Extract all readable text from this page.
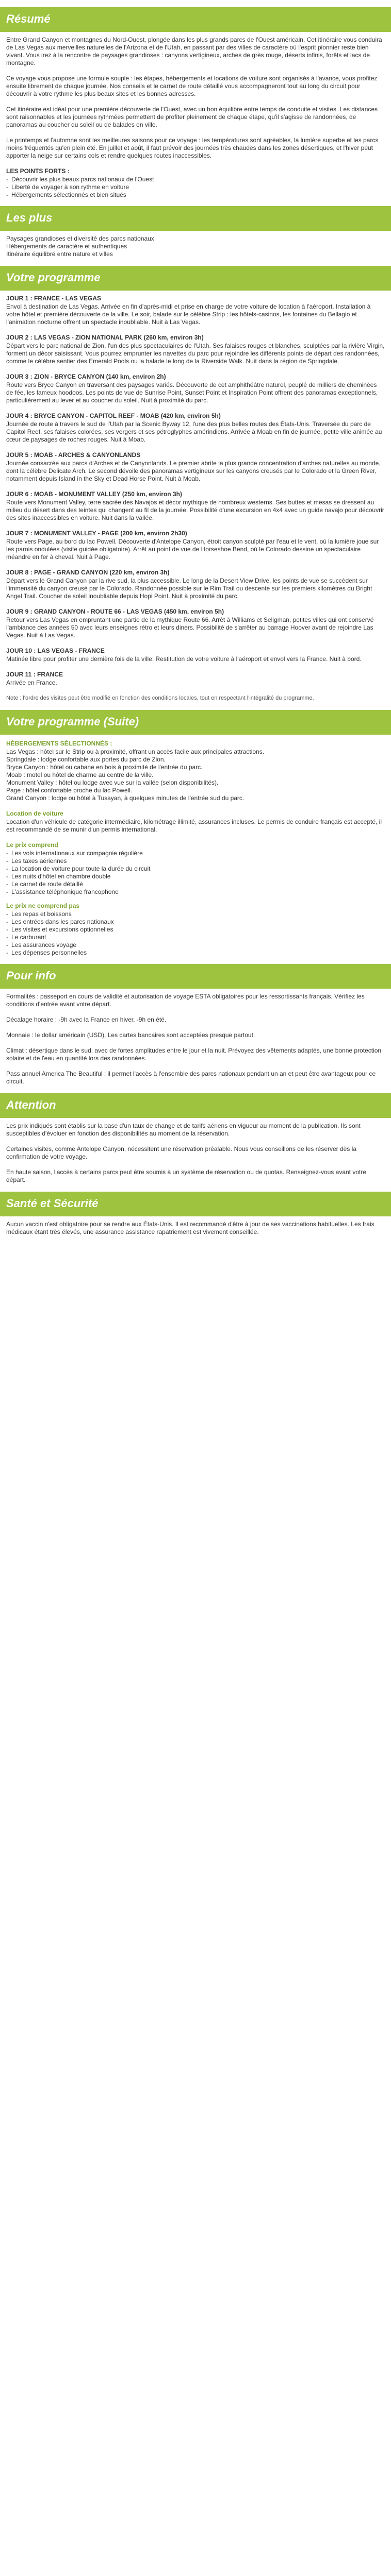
Résumé

Entre Grand Canyon et montagnes du Nord-Ouest, plongée dans les plus grands parcs de l'Ouest américain. Cet itinéraire vous conduira de Las Vegas aux merveilles naturelles de l'Arizona et de l'Utah, en passant par des villes de caractère où l'esprit pionnier reste bien vivant. Vous irez à la rencontre de paysages grandioses : canyons vertigineux, arches de grès rouge, déserts infinis, forêts et lacs de montagne.

Ce voyage vous propose une formule souple : les étapes, hébergements et locations de voiture sont organisés à l'avance, vous profitez ensuite librement de chaque journée. Nos conseils et le carnet de route détaillé vous accompagneront tout au long du circuit pour découvrir à votre rythme les plus beaux sites et les bonnes adresses.

Cet itinéraire est idéal pour une première découverte de l'Ouest, avec un bon équilibre entre temps de conduite et visites. Les distances sont raisonnables et les journées rythmées permettent de profiter pleinement de chaque étape, qu'il s'agisse de randonnées, de panoramas au coucher du soleil ou de balades en ville.

Le printemps et l'automne sont les meilleures saisons pour ce voyage : les températures sont agréables, la lumière superbe et les parcs moins fréquentés qu'en plein été. En juillet et août, il faut prévoir des journées très chaudes dans les zones désertiques, et l'hiver peut apporter la neige sur certains cols et rendre quelques routes inaccessibles.

LES POINTS FORTS :
- Découvrir les plus beaux parcs nationaux de l'Ouest
- Liberté de voyager à son rythme en voiture
- Hébergements sélectionnés et bien situés
Les plus

Paysages grandioses et diversité des parcs nationaux

Hébergements de caractère et authentiques

Itinéraire équilibré entre nature et villes

Votre programme
JOUR 1 : FRANCE - LAS VEGAS

Envol à destination de Las Vegas. Arrivée en fin d'après-midi et prise en charge de votre voiture de location à l'aéroport. Installation à votre hôtel et première découverte de la ville. Le soir, balade sur le célèbre Strip : les hôtels-casinos, les fontaines du Bellagio et l'animation nocturne offrent un spectacle inoubliable. Nuit à Las Vegas.

JOUR 2 : LAS VEGAS - ZION NATIONAL PARK (260 km, environ 3h)

Départ vers le parc national de Zion, l'un des plus spectaculaires de l'Utah. Ses falaises rouges et blanches, sculptées par la rivière Virgin, forment un décor saisissant. Vous pourrez emprunter les navettes du parc pour rejoindre les différents points de départ des randonnées, comme le célèbre sentier des Emerald Pools ou la balade le long de la Riverside Walk. Nuit dans la région de Springdale.

JOUR 3 : ZION - BRYCE CANYON (140 km, environ 2h)

Route vers Bryce Canyon en traversant des paysages variés. Découverte de cet amphithéâtre naturel, peuplé de milliers de cheminées de fée, les fameux hoodoos. Les points de vue de Sunrise Point, Sunset Point et Inspiration Point offrent des panoramas exceptionnels, particulièrement au lever et au coucher du soleil. Nuit à proximité du parc.

JOUR 4 : BRYCE CANYON - CAPITOL REEF - MOAB (420 km, environ 5h)

Journée de route à travers le sud de l'Utah par la Scenic Byway 12, l'une des plus belles routes des États-Unis. Traversée du parc de Capitol Reef, ses falaises colorées, ses vergers et ses pétroglyphes amérindiens. Arrivée à Moab en fin de journée, petite ville animée au cœur de paysages de roches rouges. Nuit à Moab.

JOUR 5 : MOAB - ARCHES & CANYONLANDS

Journée consacrée aux parcs d'Arches et de Canyonlands. Le premier abrite la plus grande concentration d'arches naturelles au monde, dont la célèbre Delicate Arch. Le second dévoile des panoramas vertigineux sur les canyons creusés par le Colorado et la Green River, notamment depuis Island in the Sky et Dead Horse Point. Nuit à Moab.

JOUR 6 : MOAB - MONUMENT VALLEY (250 km, environ 3h)

Route vers Monument Valley, terre sacrée des Navajos et décor mythique de nombreux westerns. Ses buttes et mesas se dressent au milieu du désert dans des teintes qui changent au fil de la journée. Possibilité d'une excursion en 4x4 avec un guide navajo pour découvrir des sites inaccessibles en voiture. Nuit dans la vallée.

JOUR 7 : MONUMENT VALLEY - PAGE (200 km, environ 2h30)

Route vers Page, au bord du lac Powell. Découverte d'Antelope Canyon, étroit canyon sculpté par l'eau et le vent, où la lumière joue sur les parois ondulées (visite guidée obligatoire). Arrêt au point de vue de Horseshoe Bend, où le Colorado dessine un spectaculaire méandre en fer à cheval. Nuit à Page.

JOUR 8 : PAGE - GRAND CANYON (220 km, environ 3h)

Départ vers le Grand Canyon par la rive sud, la plus accessible. Le long de la Desert View Drive, les points de vue se succèdent sur l'immensité du canyon creusé par le Colorado. Randonnée possible sur le Rim Trail ou descente sur les premiers kilomètres du Bright Angel Trail. Coucher de soleil inoubliable depuis Hopi Point. Nuit à proximité du parc.

JOUR 9 : GRAND CANYON - ROUTE 66 - LAS VEGAS (450 km, environ 5h)

Retour vers Las Vegas en empruntant une partie de la mythique Route 66. Arrêt à Williams et Seligman, petites villes qui ont conservé l'ambiance des années 50 avec leurs enseignes rétro et leurs diners. Possibilité de s'arrêter au barrage Hoover avant de rejoindre Las Vegas. Nuit à Las Vegas.

JOUR 10 : LAS VEGAS - FRANCE

Matinée libre pour profiter une dernière fois de la ville. Restitution de votre voiture à l'aéroport et envol vers la France. Nuit à bord.

JOUR 11 : FRANCE

Arrivée en France.

Note : l'ordre des visites peut être modifié en fonction des conditions locales, tout en respectant l'intégralité du programme.

Votre programme (Suite)
HÉBERGEMENTS SÉLECTIONNÉS :

Las Vegas : hôtel sur le Strip ou à proximité, offrant un accès facile aux principales attractions.

Springdale : lodge confortable aux portes du parc de Zion.

Bryce Canyon : hôtel ou cabane en bois à proximité de l'entrée du parc.

Moab : motel ou hôtel de charme au centre de la ville.

Monument Valley : hôtel ou lodge avec vue sur la vallée (selon disponibilités).

Page : hôtel confortable proche du lac Powell.

Grand Canyon : lodge ou hôtel à Tusayan, à quelques minutes de l'entrée sud du parc.

Location de voiture

Location d'un véhicule de catégorie intermédiaire, kilométrage illimité, assurances incluses. Le permis de conduire français est accepté, il est recommandé de se munir d'un permis international.

Le prix comprend
- Les vols internationaux sur compagnie régulière
- Les taxes aériennes
- La location de voiture pour toute la durée du circuit
- Les nuits d'hôtel en chambre double
- Le carnet de route détaillé
- L'assistance téléphonique francophone
Le prix ne comprend pas
- Les repas et boissons
- Les entrées dans les parcs nationaux
- Les visites et excursions optionnelles
- Le carburant
- Les assurances voyage
- Les dépenses personnelles
Pour info

Formalités : passeport en cours de validité et autorisation de voyage ESTA obligatoires pour les ressortissants français. Vérifiez les conditions d'entrée avant votre départ.

Décalage horaire : -9h avec la France en hiver, -9h en été.

Monnaie : le dollar américain (USD). Les cartes bancaires sont acceptées presque partout.

Climat : désertique dans le sud, avec de fortes amplitudes entre le jour et la nuit. Prévoyez des vêtements adaptés, une bonne protection solaire et de l'eau en quantité lors des randonnées.

Pass annuel America The Beautiful : il permet l'accès à l'ensemble des parcs nationaux pendant un an et peut être avantageux pour ce circuit.

Attention

Les prix indiqués sont établis sur la base d'un taux de change et de tarifs aériens en vigueur au moment de la publication. Ils sont susceptibles d'évoluer en fonction des disponibilités au moment de la réservation.

Certaines visites, comme Antelope Canyon, nécessitent une réservation préalable. Nous vous conseillons de les réserver dès la confirmation de votre voyage.

En haute saison, l'accès à certains parcs peut être soumis à un système de réservation ou de quotas. Renseignez-vous avant votre départ.

Santé et Sécurité

Aucun vaccin n'est obligatoire pour se rendre aux États-Unis. Il est recommandé d'être à jour de ses vaccinations habituelles. Les frais médicaux étant très élevés, une assurance assistance rapatriement est vivement conseillée.
